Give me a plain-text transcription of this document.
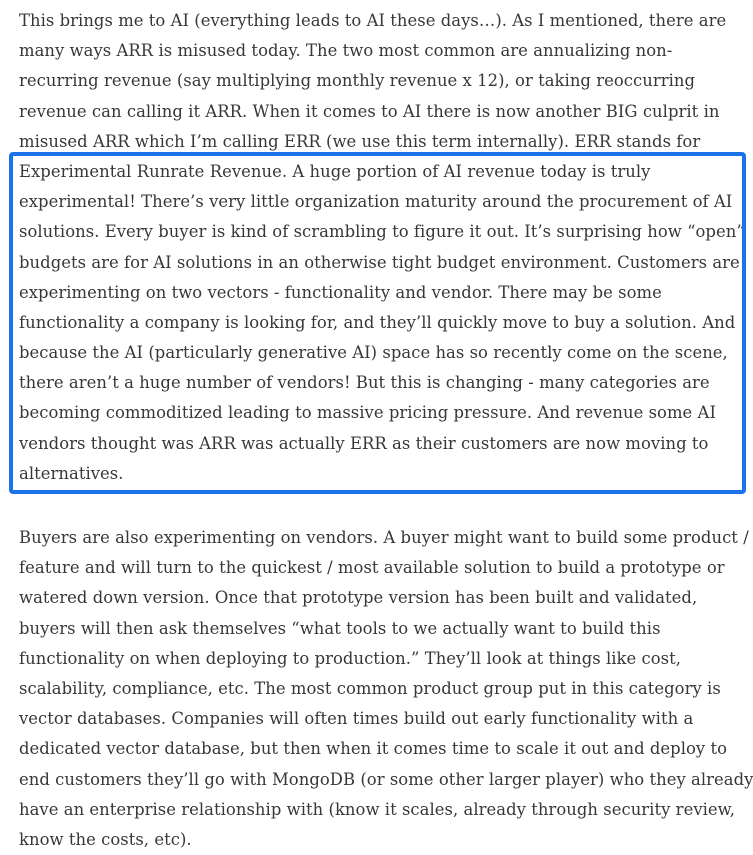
This brings me to AI (everything leads to AI these days…). As I mentioned, there are
many ways ARR is misused today. The two most common are annualizing non-
recurring revenue (say multiplying monthly revenue x 12), or taking reoccurring
revenue can calling it ARR. When it comes to AI there is now another BIG culprit in
misused ARR which I’m calling ERR (we use this term internally). ERR stands for
Experimental Runrate Revenue. A huge portion of AI revenue today is truly
experimental! There’s very little organization maturity around the procurement of AI
solutions. Every buyer is kind of scrambling to figure it out. It’s surprising how “open”
budgets are for AI solutions in an otherwise tight budget environment. Customers are
experimenting on two vectors - functionality and vendor. There may be some
functionality a company is looking for, and they’ll quickly move to buy a solution. And
because the AI (particularly generative AI) space has so recently come on the scene,
there aren’t a huge number of vendors! But this is changing - many categories are
becoming commoditized leading to massive pricing pressure. And revenue some AI
vendors thought was ARR was actually ERR as their customers are now moving to
alternatives.

Buyers are also experimenting on vendors. A buyer might want to build some product /
feature and will turn to the quickest / most available solution to build a prototype or
watered down version. Once that prototype version has been built and validated,
buyers will then ask themselves “what tools to we actually want to build this
functionality on when deploying to production.” They’ll look at things like cost,
scalability, compliance, etc. The most common product group put in this category is
vector databases. Companies will often times build out early functionality with a
dedicated vector database, but then when it comes time to scale it out and deploy to
end customers they’ll go with MongoDB (or some other larger player) who they already
have an enterprise relationship with (know it scales, already through security review,
know the costs, etc).
